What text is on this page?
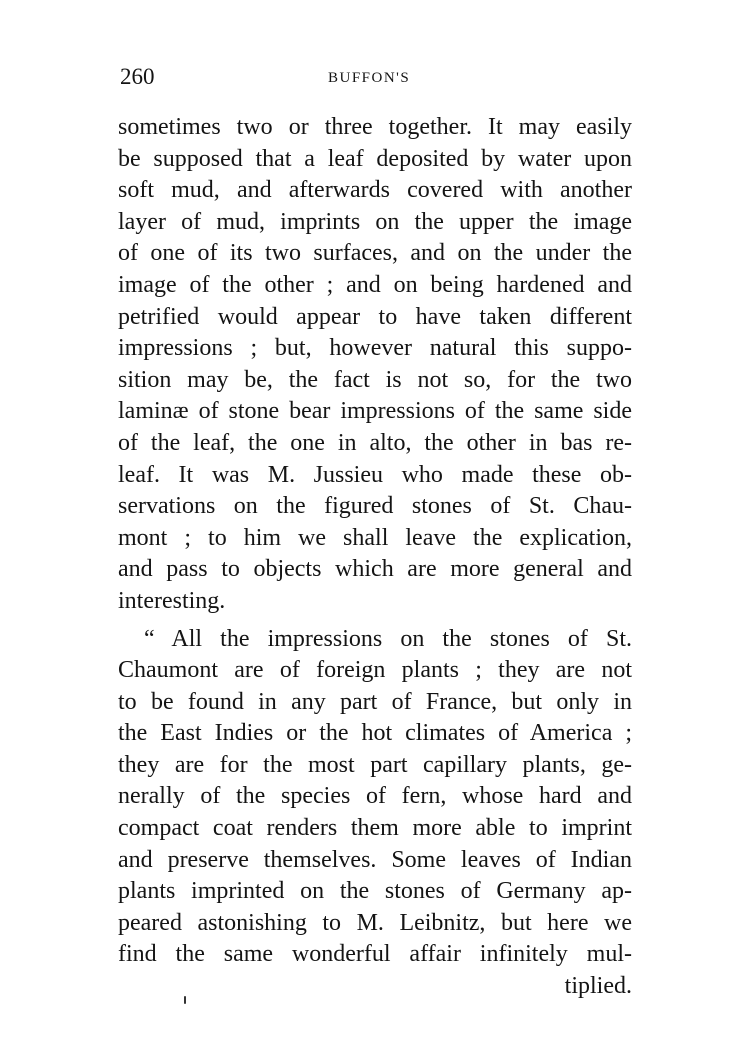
260	BUFFON'S
sometimes two or three together. It may easily
be supposed that a leaf deposited by water upon
soft mud, and afterwards covered with another
layer of mud, imprints on the upper the image
of one of its two surfaces, and on the under the
image of the other ; and on being hardened and
petrified would appear to have taken different
impressions ; but, however natural this suppo-
sition may be, the fact is not so, for the two
laminæ of stone bear impressions of the same side
of the leaf, the one in alto, the other in bas re-
leaf. It was M. Jussieu who made these ob-
servations on the figured stones of St. Chau-
mont ; to him we shall leave the explication,
and pass to objects which are more general and
interesting.
“ All the impressions on the stones of St.
Chaumont are of foreign plants ; they are not
to be found in any part of France, but only in
the East Indies or the hot climates of America ;
they are for the most part capillary plants, ge-
nerally of the species of fern, whose hard and
compact coat renders them more able to imprint
and preserve themselves. Some leaves of Indian
plants imprinted on the stones of Germany ap-
peared astonishing to M. Leibnitz, but here we
find the same wonderful affair infinitely mul-
tiplied.
